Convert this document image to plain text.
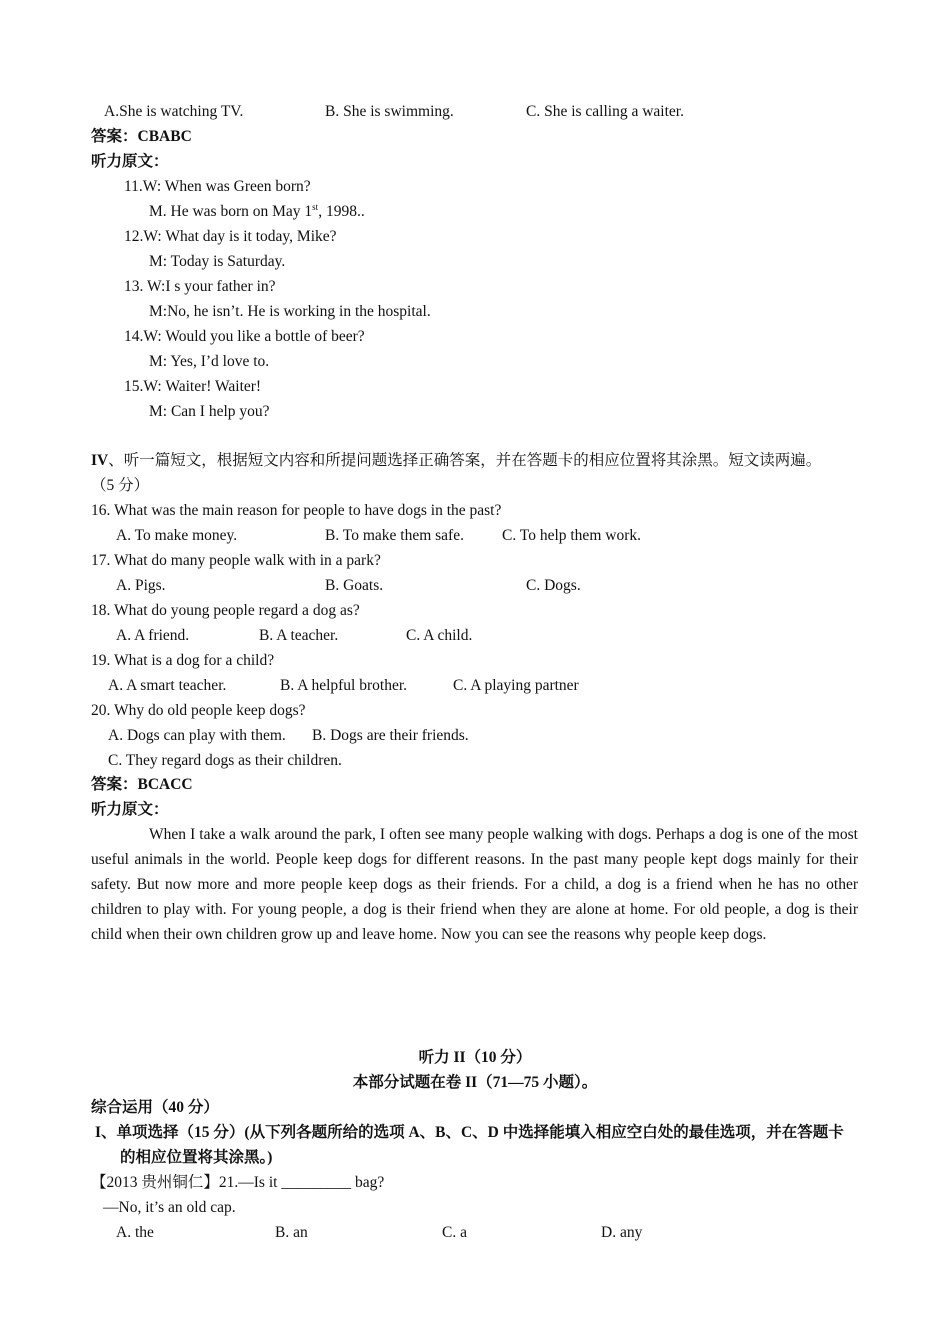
A.She is watching TV.	B. She is swimming.	C. She is calling a waiter.
答案：CBABC
听力原文：
11.W: When was Green born?
M. He was born on May 1st, 1998..
12.W: What day is it today, Mike?
M: Today is Saturday.
13. W:I s your father in?
M:No, he isn’t. He is working in the hospital.
14.W: Would you like a bottle of beer?
M: Yes, I’d love to.
15.W: Waiter! Waiter!
M: Can I help you?
IV、听一篇短文，根据短文内容和所提问题选择正确答案，并在答题卡的相应位置将其涂黑。短文读两遍。
（5 分）
16. What was the main reason for people to have dogs in the past?
A. To make money.	B. To make them safe. C. To help them work.
17. What do many people walk with in a park?
A. Pigs.	B. Goats.	C. Dogs.
18. What do young people regard a dog as?
A. A friend.	B. A teacher.	C. A child.
19. What is a dog for a child?
A. A smart teacher.	B. A helpful brother.	C. A playing partner
20. Why do old people keep dogs?
A. Dogs can play with them. B. Dogs are their friends.
C. They regard dogs as their children.
答案：BCACC
听力原文：
When I take a walk around the park, I often see many people walking with dogs. Perhaps a dog is one of the most useful animals in the world. People keep dogs for different reasons. In the past many people kept dogs mainly for their safety. But now more and more people keep dogs as their friends. For a child, a dog is a friend when he has no other children to play with. For young people, a dog is their friend when they are alone at home. For old people, a dog is their child when their own children grow up and leave home. Now you can see the reasons why people keep dogs.
听力 II（10 分）
本部分试题在卷 II（71—75 小题）。
综合运用（40 分）
I、单项选择（15 分）(从下列各题所给的选项 A、B、C、D 中选择能填入相应空白处的最佳选项，并在答题卡
的相应位置将其涂黑。)
【2013 贵州铜仁】21.—Is it _________ bag?
—No, it’s an old cap.
A. the	B. an	C. a	D. any
